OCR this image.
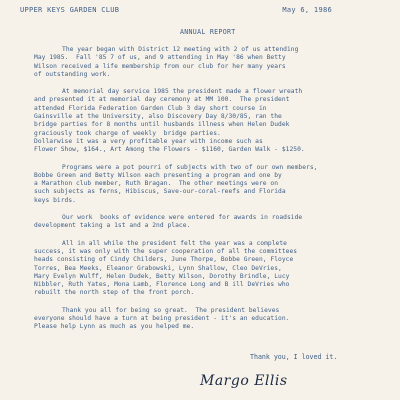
UPPER KEYS GARDEN CLUB	May 6, 1986
ANNUAL REPORT
The year began with District 12 meeting with 2 of us attending
May 1985.  Fall '85 7 of us, and 9 attending in May '86 when Betty
Wilson received a life membership from our club for her many years
of outstanding work.
At memorial day service 1985 the president made a flower wreath
and presented it at memorial day ceremony at MM 100.  The president
attended Florida Federation Garden Club 3 day short course in
Gainsville at the University, also Discovery Day 8/30/85, ran the
bridge parties for 8 months until husbands illness when Helen Dudek
graciously took charge of weekly  bridge parties.
Dollarwise it was a very profitable year with income such as
Flower Show, $164., Art Among the Flowers - $1160, Garden Walk - $1250.
Programs were a pot pourri of subjects with two of our own members,
Bobbe Green and Betty Wilson each presenting a program and one by
a Marathon club member, Ruth Bragan.  The other meetings were on
such subjects as ferns, Hibiscus, Save-our-coral-reefs and Florida
keys birds.
Our work  books of evidence were entered for awards in roadside
development taking a 1st and a 2nd place.
All in all while the president felt the year was a complete
success, it was only with the super cooperation of all the committees
heads consisting of Cindy Childers, June Thorpe, Bobbe Green, Floyce
Torres, Bea Meeks, Eleanor Grabowski, Lynn Shallow, Cleo DeVries,
Mary Evelyn Wulff, Helen Dudek, Betty Wilson, Dorothy Brindle, Lucy
Nibbler, Ruth Yates, Mona Lamb, Florence Long and B ill DeVries who
rebuilt the north step of the front porch.
Thank you all for being so great.  The president believes
everyone should have a turn at being president - it's an education.
Please help Lynn as much as you helped me.
Thank you, I loved it.
Margo Ellis
